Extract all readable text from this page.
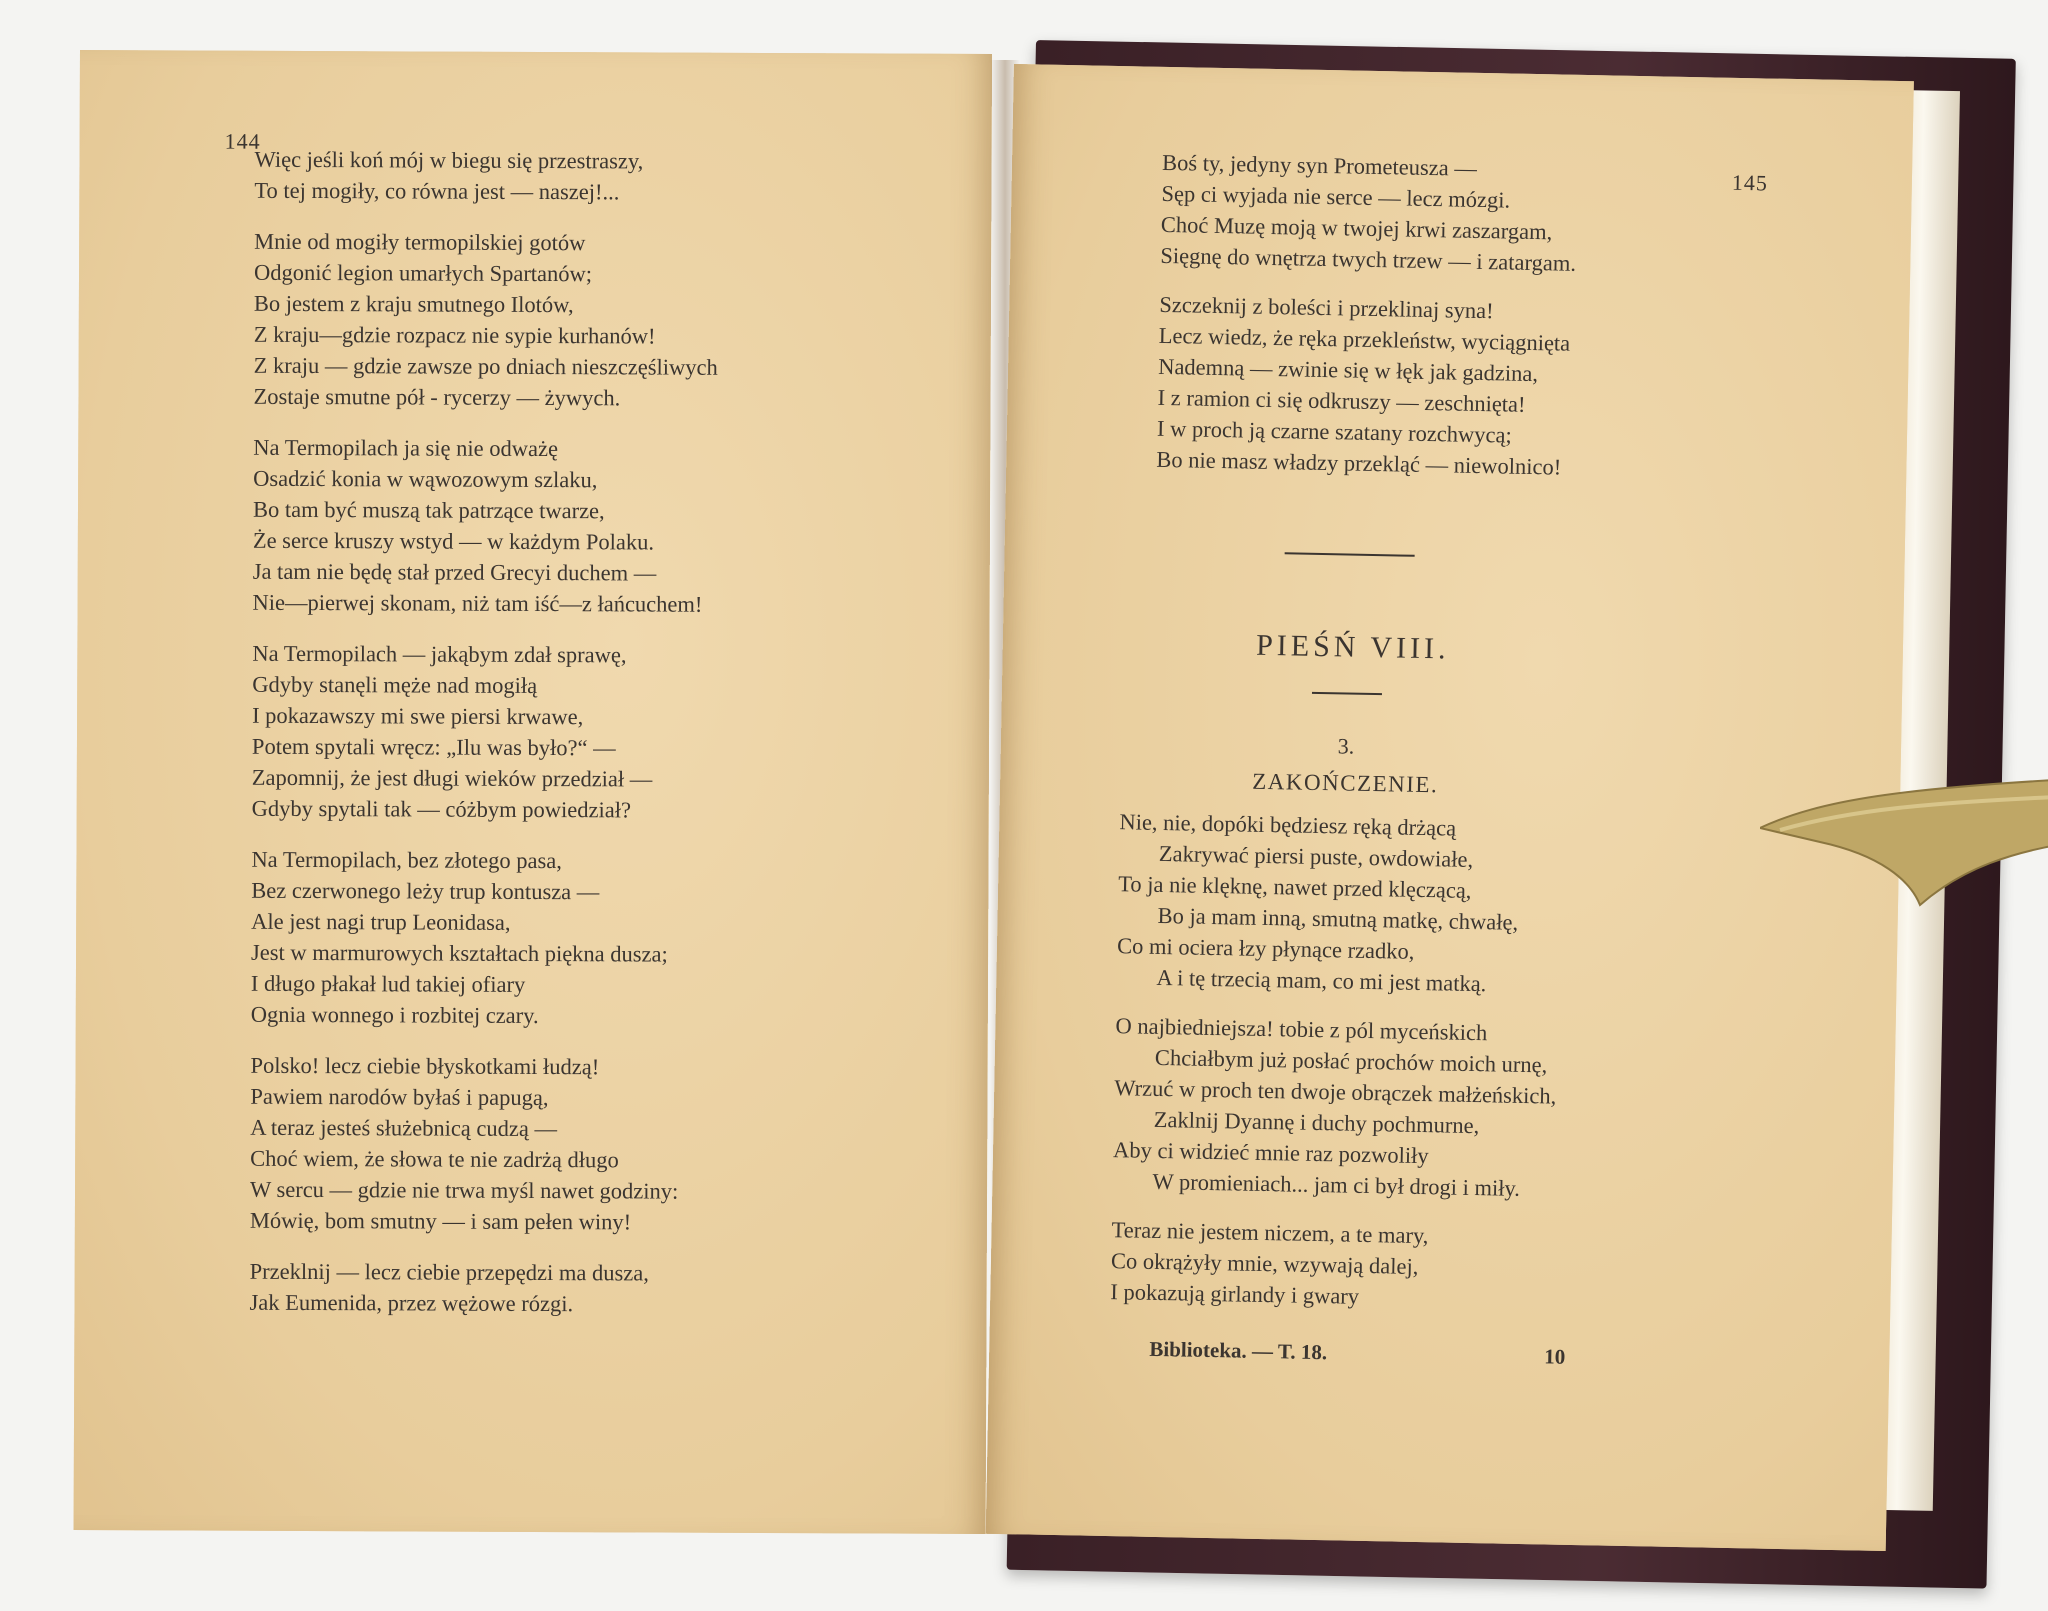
144
Więc jeśli koń mój w biegu się przestraszy,
To tej mogiły, co równa jest — naszej!...
Mnie od mogiły termopilskiej gotów
Odgonić legion umarłych Spartanów;
Bo jestem z kraju smutnego Ilotów,
Z kraju—gdzie rozpacz nie sypie kurhanów!
Z kraju — gdzie zawsze po dniach nieszczęśliwych
Zostaje smutne pół - rycerzy — żywych.
Na Termopilach ja się nie odważę
Osadzić konia w wąwozowym szlaku,
Bo tam być muszą tak patrzące twarze,
Że serce kruszy wstyd — w każdym Polaku.
Ja tam nie będę stał przed Grecyi duchem —
Nie—pierwej skonam, niż tam iść—z łańcuchem!
Na Termopilach — jakąbym zdał sprawę,
Gdyby stanęli męże nad mogiłą
I pokazawszy mi swe piersi krwawe,
Potem spytali wręcz: „Ilu was było?“ —
Zapomnij, że jest długi wieków przedział —
Gdyby spytali tak — cóżbym powiedział?
Na Termopilach, bez złotego pasa,
Bez czerwonego leży trup kontusza —
Ale jest nagi trup Leonidasa,
Jest w marmurowych kształtach piękna dusza;
I długo płakał lud takiej ofiary
Ognia wonnego i rozbitej czary.
Polsko! lecz ciebie błyskotkami łudzą!
Pawiem narodów byłaś i papugą,
A teraz jesteś służebnicą cudzą —
Choć wiem, że słowa te nie zadrżą długo
W sercu — gdzie nie trwa myśl nawet godziny:
Mówię, bom smutny — i sam pełen winy!
Przeklnij — lecz ciebie przepędzi ma dusza,
Jak Eumenida, przez wężowe rózgi.
145
Boś ty, jedyny syn Prometeusza —
Sęp ci wyjada nie serce — lecz mózgi.
Choć Muzę moją w twojej krwi zaszargam,
Sięgnę do wnętrza twych trzew — i zatargam.
Szczeknij z boleści i przeklinaj syna!
Lecz wiedz, że ręka przekleństw, wyciągnięta
Nademną — zwinie się w łęk jak gadzina,
I z ramion ci się odkruszy — zeschnięta!
I w proch ją czarne szatany rozchwycą;
Bo nie masz władzy przekląć — niewolnico!
PIEŚŃ VIII.
3.
ZAKOŃCZENIE.
Nie, nie, dopóki będziesz ręką drżącą
Zakrywać piersi puste, owdowiałe,
To ja nie klęknę, nawet przed klęczącą,
Bo ja mam inną, smutną matkę, chwałę,
Co mi ociera łzy płynące rzadko,
A i tę trzecią mam, co mi jest matką.
O najbiedniejsza! tobie z pól myceńskich
Chciałbym już posłać prochów moich urnę,
Wrzuć w proch ten dwoje obrączek małżeńskich,
Zaklnij Dyannę i duchy pochmurne,
Aby ci widzieć mnie raz pozwoliły
W promieniach... jam ci był drogi i miły.
Teraz nie jestem niczem, a te mary,
Co okrążyły mnie, wzywają dalej,
I pokazują girlandy i gwary
Biblioteka. — T. 18.	10
